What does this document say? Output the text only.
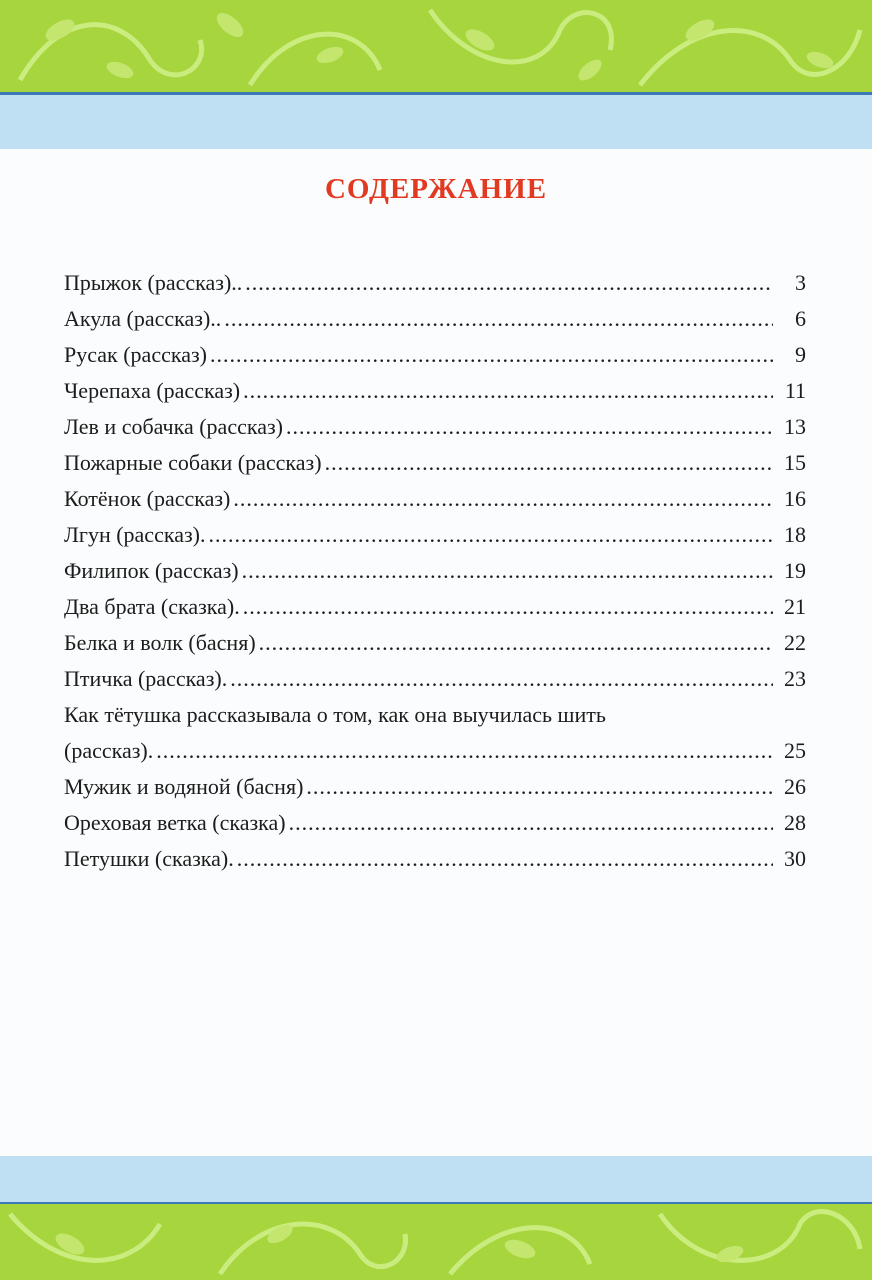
СОДЕРЖАНИЕ
Прыжок (рассказ).. .....	3
Акула (рассказ).. .....	6
Русак (рассказ) .....	9
Черепаха (рассказ) .....	11
Лев и собачка (рассказ) .....	13
Пожарные собаки (рассказ) .....	15
Котёнок (рассказ) .....	16
Лгун (рассказ). .....	18
Филипок (рассказ) .....	19
Два брата (сказка). .....	21
Белка и волк (басня) .....	22
Птичка (рассказ). .....	23
Как тётушка рассказывала о том, как она выучилась шить
(рассказ). .....	25
Мужик и водяной (басня) .....	26
Ореховая ветка (сказка) .....	28
Петушки (сказка). .....	30
